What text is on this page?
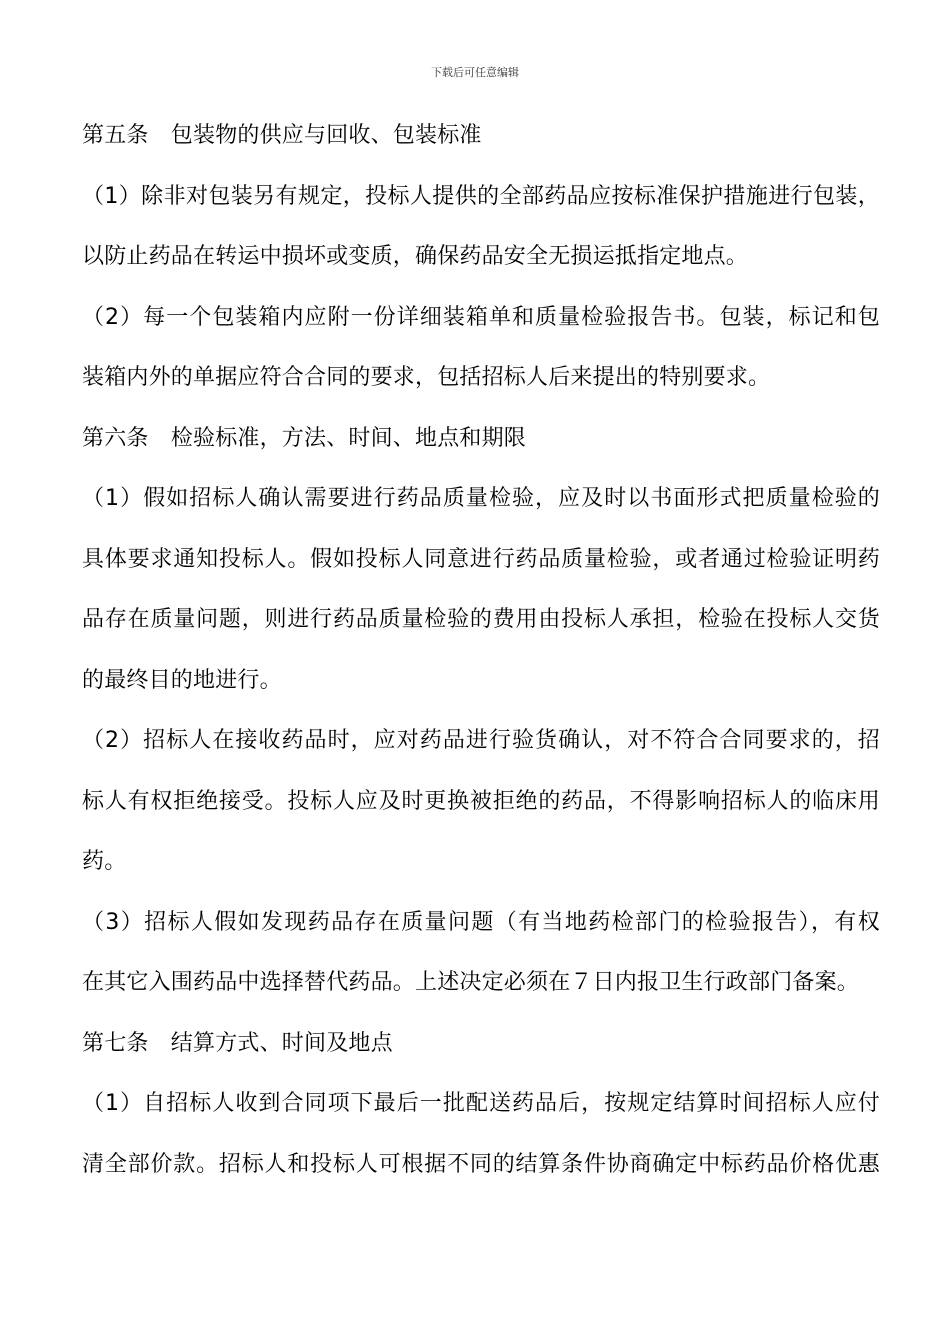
下载后可任意编辑
第五条　包装物的供应与回收、包装标准
（1）除非对包装另有规定，投标人提供的全部药品应按标准保护措施进行包装，
以防止药品在转运中损坏或变质，确保药品安全无损运抵指定地点。
（2）每一个包装箱内应附一份详细装箱单和质量检验报告书。包装，标记和包
装箱内外的单据应符合合同的要求，包括招标人后来提出的特别要求。
第六条　检验标准，方法、时间、地点和期限
（1）假如招标人确认需要进行药品质量检验，应及时以书面形式把质量检验的
具体要求通知投标人。假如投标人同意进行药品质量检验，或者通过检验证明药
品存在质量问题，则进行药品质量检验的费用由投标人承担，检验在投标人交货
的最终目的地进行。
（2）招标人在接收药品时，应对药品进行验货确认，对不符合合同要求的，招
标人有权拒绝接受。投标人应及时更换被拒绝的药品，不得影响招标人的临床用
药。
（3）招标人假如发现药品存在质量问题（有当地药检部门的检验报告），有权
在其它入围药品中选择替代药品。上述决定必须在７日内报卫生行政部门备案。
第七条　结算方式、时间及地点
（1）自招标人收到合同项下最后一批配送药品后，按规定结算时间招标人应付
清全部价款。招标人和投标人可根据不同的结算条件协商确定中标药品价格优惠
